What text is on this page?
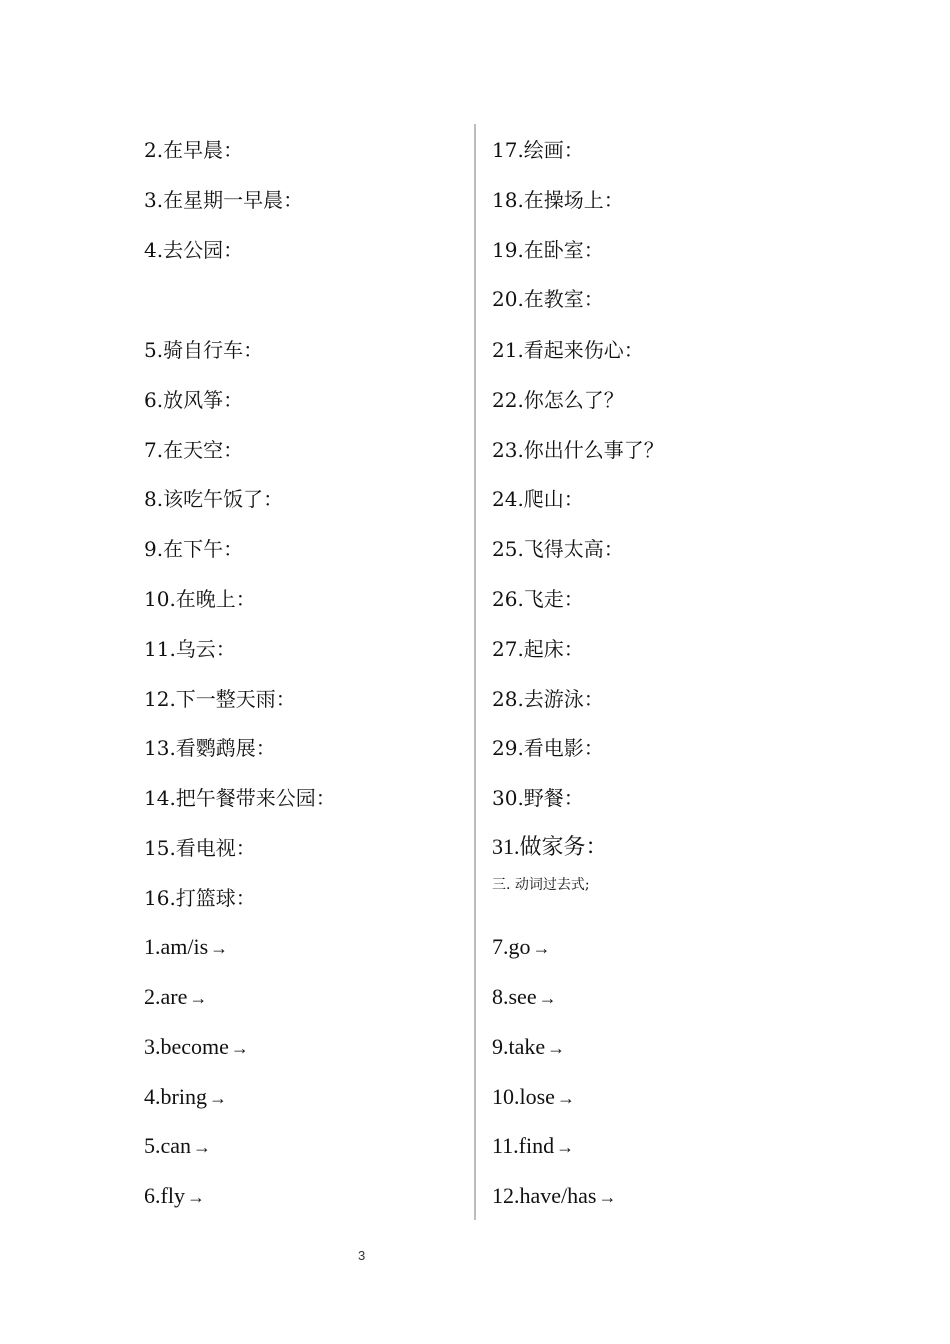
2.在早晨：
3.在星期一早晨：
4.去公园：
5.骑自行车：
6.放风筝：
7.在天空：
8.该吃午饭了：
9.在下午：
10.在晚上：
11.乌云：
12.下一整天雨：
13.看鹦鹉展：
14.把午餐带来公园：
15.看电视：
16.打篮球：
1.am/is →
2.are →
3.become →
4.bring →
5.can →
6.fly →
17.绘画：
18.在操场上：
19.在卧室：
20.在教室：
21.看起来伤心：
22.你怎么了？
23.你出什么事了？
24.爬山：
25.飞得太高：
26.飞走：
27.起床：
28.去游泳：
29.看电影：
30.野餐：
31.做家务：
三. 动词过去式;
7.go →
8.see →
9.take →
10.lose →
11.find →
12.have/has →
3
